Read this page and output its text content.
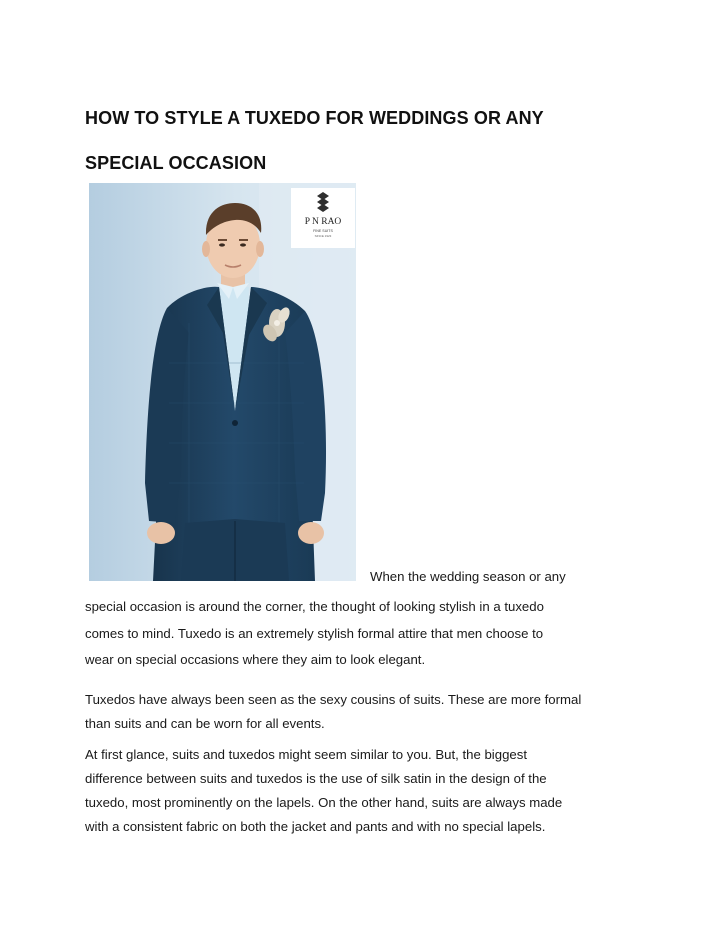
HOW TO STYLE A TUXEDO FOR WEDDINGS OR ANY
SPECIAL OCCASION
P N RAO
FINE SUITS
SINCE 1923

When the wedding season or any

special occasion is around the corner, the thought of looking stylish in a tuxedo
comes to mind. Tuxedo is an extremely stylish formal attire that men choose to
wear on special occasions where they aim to look elegant.

Tuxedos have always been seen as the sexy cousins of suits. These are more formal
than suits and can be worn for all events.

At first glance, suits and tuxedos might seem similar to you. But, the biggest
difference between suits and tuxedos is the use of silk satin in the design of the
tuxedo, most prominently on the lapels. On the other hand, suits are always made
with a consistent fabric on both the jacket and pants and with no special lapels.
